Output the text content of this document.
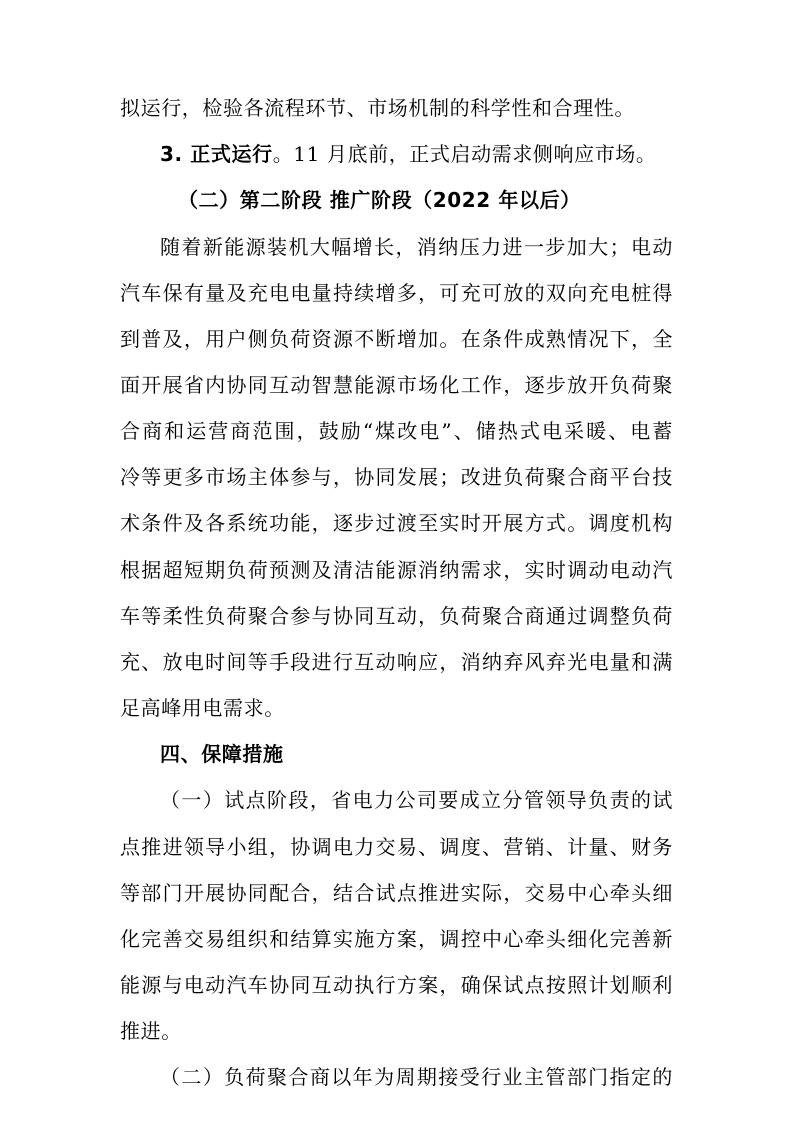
拟运行，检验各流程环节、市场机制的科学性和合理性。
3. 正式运行。11 月底前，正式启动需求侧响应市场。
（二）第二阶段 推广阶段（2022 年以后）
随着新能源装机大幅增长，消纳压力进一步加大；电动
汽车保有量及充电电量持续增多，可充可放的双向充电桩得
到普及，用户侧负荷资源不断增加。在条件成熟情况下，全
面开展省内协同互动智慧能源市场化工作，逐步放开负荷聚
合商和运营商范围，鼓励“煤改电”、储热式电采暖、电蓄
冷等更多市场主体参与，协同发展；改进负荷聚合商平台技
术条件及各系统功能，逐步过渡至实时开展方式。调度机构
根据超短期负荷预测及清洁能源消纳需求，实时调动电动汽
车等柔性负荷聚合参与协同互动，负荷聚合商通过调整负荷
充、放电时间等手段进行互动响应，消纳弃风弃光电量和满
足高峰用电需求。
四、保障措施
（一）试点阶段，省电力公司要成立分管领导负责的试
点推进领导小组，协调电力交易、调度、营销、计量、财务
等部门开展协同配合，结合试点推进实际，交易中心牵头细
化完善交易组织和结算实施方案，调控中心牵头细化完善新
能源与电动汽车协同互动执行方案，确保试点按照计划顺利
推进。
（二）负荷聚合商以年为周期接受行业主管部门指定的
